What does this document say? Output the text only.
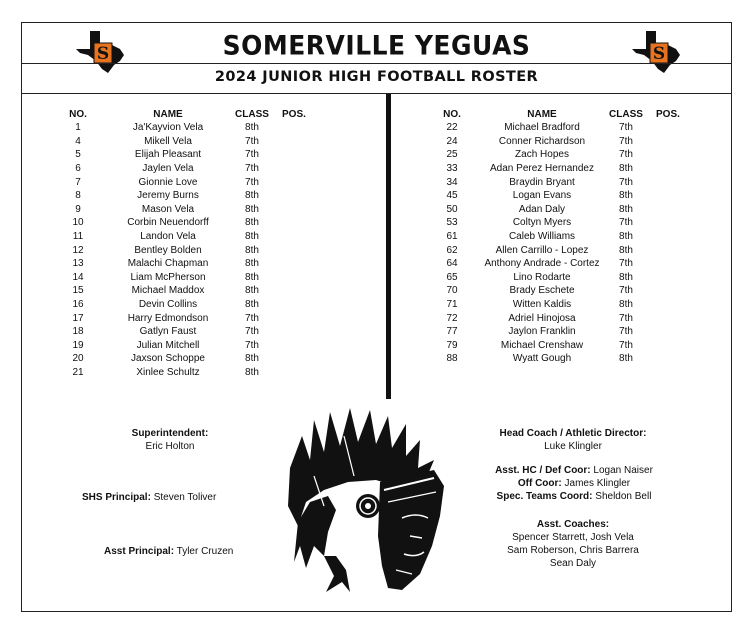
S	S
SOMERVILLE YEGUAS
2024 JUNIOR HIGH FOOTBALL ROSTER
NO.	NAME	CLASS	POS.
1	Ja'Kayvion Vela	8th
4	Mikell Vela	7th
5	Elijah Pleasant	7th
6	Jaylen Vela	7th
7	Gionnie Love	7th
8	Jeremy Burns	8th
9	Mason Vela	8th
10	Corbin Neuendorff	8th
11	Landon Vela	8th
12	Bentley Bolden	8th
13	Malachi Chapman	8th
14	Liam McPherson	8th
15	Michael Maddox	8th
16	Devin Collins	8th
17	Harry Edmondson	7th
18	Gatlyn Faust	7th
19	Julian Mitchell	7th
20	Jaxson Schoppe	8th
21	Xinlee Schultz	8th
NO.	NAME	CLASS	POS.
22	Michael Bradford	7th
24	Conner Richardson	7th
25	Zach Hopes	7th
33	Adan Perez Hernandez	8th
34	Braydin Bryant	7th
45	Logan Evans	8th
50	Adan Daly	8th
53	Coltyn Myers	7th
61	Caleb Williams	8th
62	Allen Carrillo - Lopez	8th
64	Anthony Andrade - Cortez	7th
65	Lino Rodarte	8th
70	Brady Eschete	7th
71	Witten Kaldis	8th
72	Adriel Hinojosa	7th
77	Jaylon Franklin	7th
79	Michael Crenshaw	7th
88	Wyatt Gough	8th
Superintendent:
Eric Holton
SHS Principal: Steven Toliver
Asst Principal: Tyler Cruzen
Head Coach / Athletic Director:
Luke Klingler
Asst. HC / Def Coor: Logan Naiser
Off Coor: James Klingler
Spec. Teams Coord: Sheldon Bell
Asst. Coaches:
Spencer Starrett, Josh Vela
Sam Roberson, Chris Barrera
Sean Daly
